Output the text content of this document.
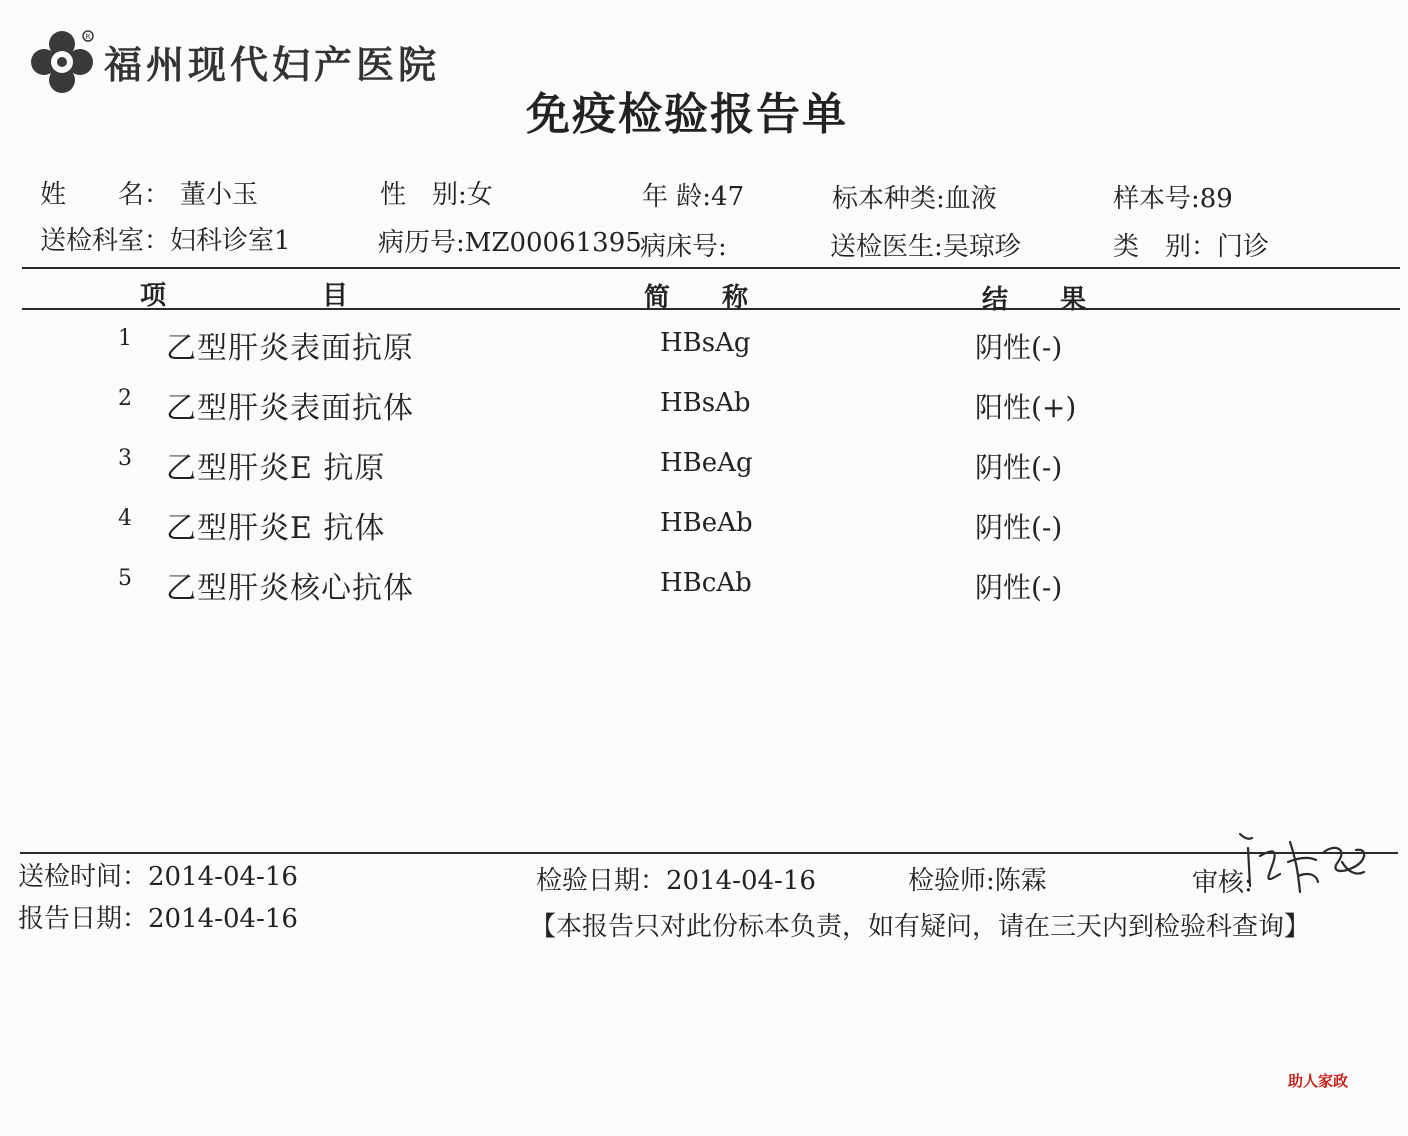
R
福州现代妇产医院
免疫检验报告单
姓　　名： 董小玉	性　别:女	年 龄:47	标本种类:血液	样本号:89
送检科室：妇科诊室1	病历号:MZ00061395
病床号:	送检医生:吴琼珍	类　别：门诊
项　　　　　　目	简　　称	结　　果
1 乙型肝炎表面抗原	HBsAg	阴性(-)
2 乙型肝炎表面抗体	HBsAb	阳性(+)
3 乙型肝炎E 抗原	HBeAg	阴性(-)
4 乙型肝炎E 抗体	HBeAb	阴性(-)
5 乙型肝炎核心抗体	HBcAb	阴性(-)
送检时间：2014-04-16
报告日期：2014-04-16
检验日期：2014-04-16	检验师:陈霖	审核:
【本报告只对此份标本负责，如有疑问，请在三天内到检验科查询】
助人家政
